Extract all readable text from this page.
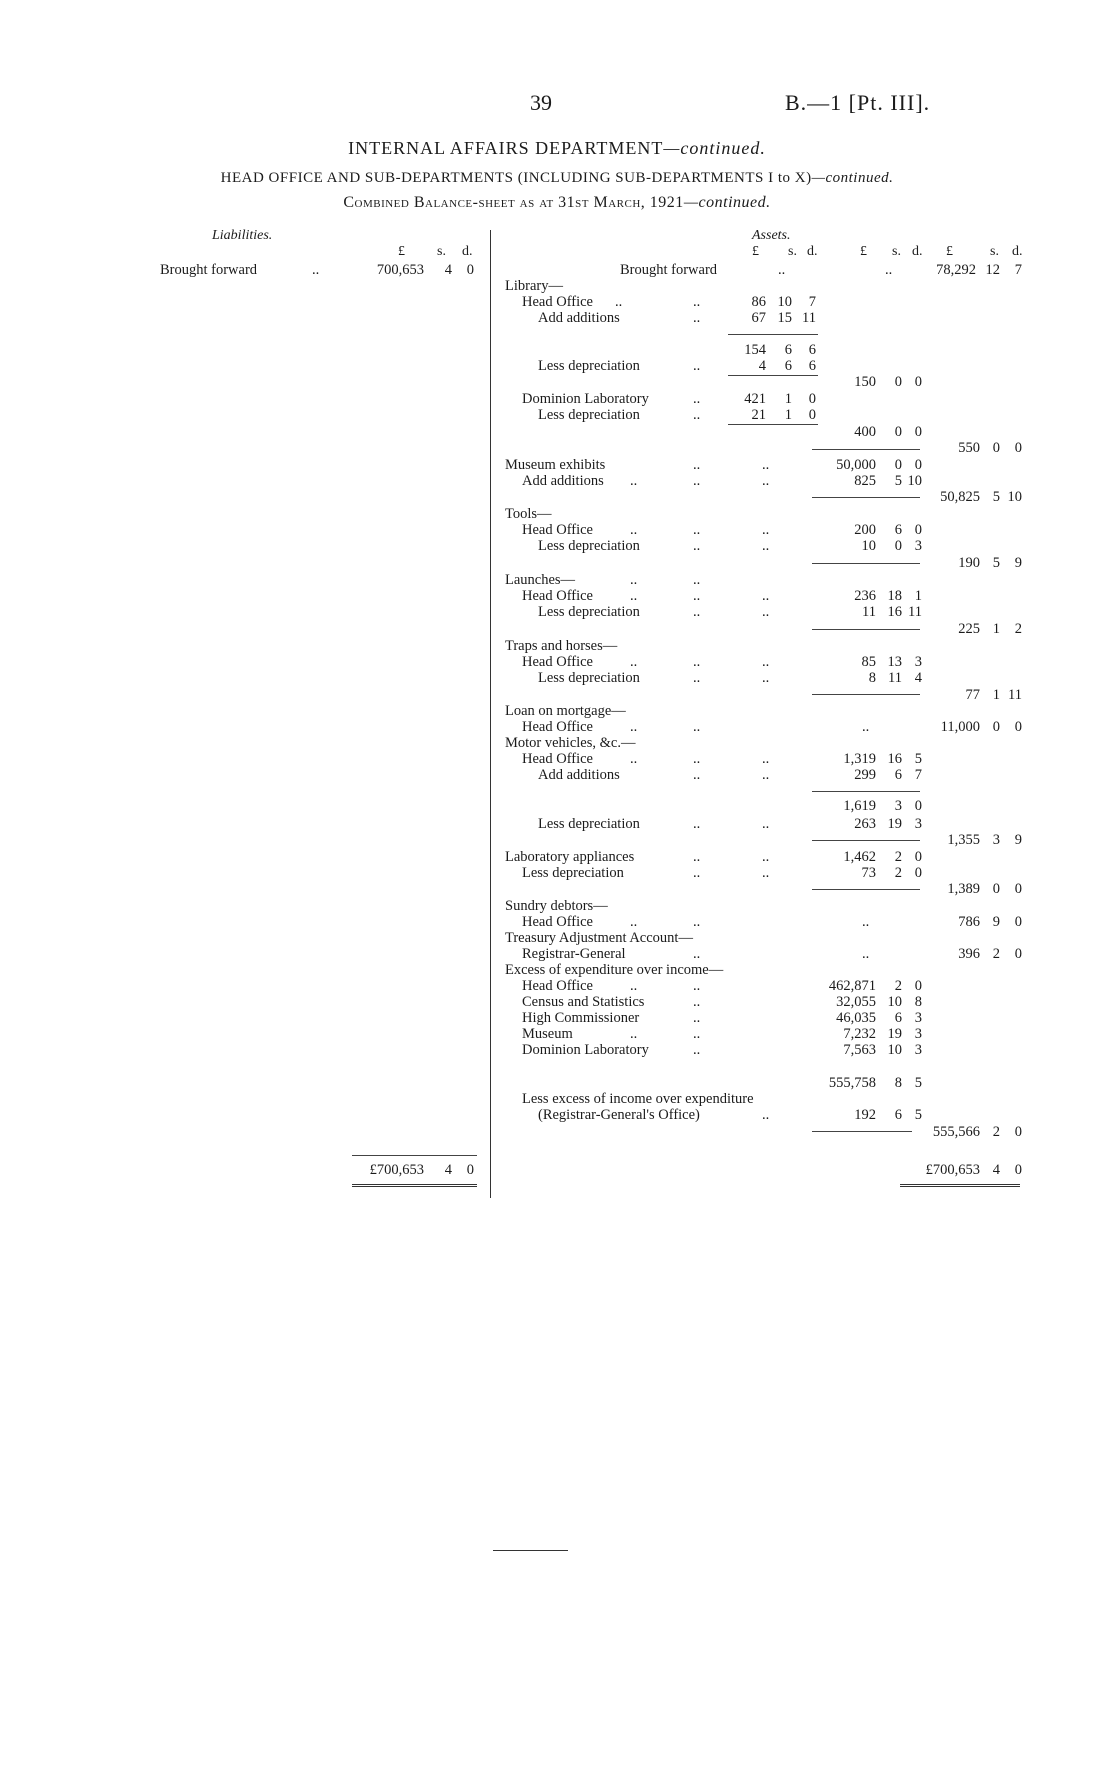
39	B.—1 [Pt. III].
INTERNAL AFFAIRS DEPARTMENT—continued.
HEAD OFFICE AND SUB-DEPARTMENTS (INCLUDING SUB-DEPARTMENTS I to X)—continued.
Combined Balance-sheet as at 31st March, 1921—continued.
Liabilities.
£ s. d.
Brought forward	..	700,653 4 0
£700,653 4 0
Assets.
£ s. d.	£ s. d. £	s. d.
Brought forward	..	..	78,292 12 7
Library—
Head Office ..	..	86 10 7
Add additions	..	67 15 11
154 6 6
Less depreciation	..	4 6 6
150 0 0
Dominion Laboratory	..	421 1 0
Less depreciation	..	21 1 0
400 0 0
550 0 0
Museum exhibits	..	..	50,000 0 0
Add additions ..	..	..	825 5 10
50,825 5 10
Tools—
Head Office	..	..	..	200 6 0
Less depreciation	..	..	10 0 3
190 5 9
Launches—	..	..
Head Office	..	..	..	236 18 1
Less depreciation	..	..	11 16 11
225 1 2
Traps and horses—
Head Office	..	..	..	85 13 3
Less depreciation	..	..	8 11 4
77 1 11
Loan on mortgage—
Head Office	..	..	..	11,000 0 0
Motor vehicles, &c.—
Head Office	..	..	..	1,319 16 5
Add additions	..	..	299 6 7
1,619 3 0
Less depreciation	..	..	263 19 3
1,355 3 9
Laboratory appliances	..	..	1,462 2 0
Less depreciation	..	..	73 2 0
1,389 0 0
Sundry debtors—
Head Office	..	..	..	786 9 0
Treasury Adjustment Account—
Registrar-General	..	..	396 2 0
Excess of expenditure over income—
Head Office	462,871 2 0
Census and Statistics	32,055 10 8
High Commissioner	46,035 6 3
Museum	7,232 19 3
Dominion Laboratory	7,563 10 3
..	..
..
..
..	..
..
555,758 8 5
Less excess of income over expenditure
(Registrar-General's Office)	..	192 6 5
555,566 2 0
£700,653 4 0
